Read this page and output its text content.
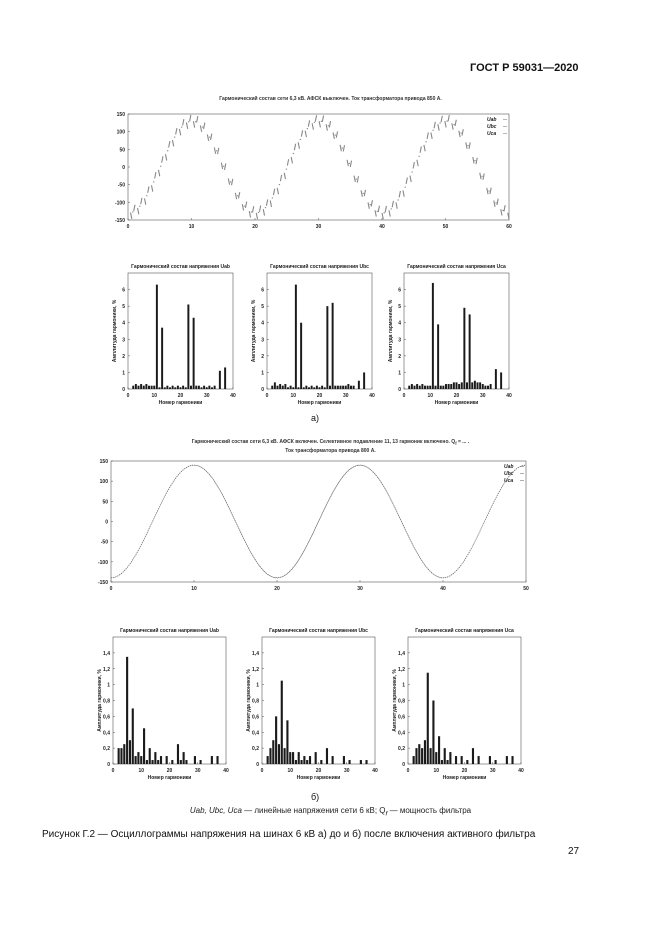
ГОСТ Р 59031—2020
Гармонический состав сети 6,3 кВ. АФСК выключен. Ток трансформатора привода 850 А.
0	10	20	30	40	50	60
150
100
50
0
-50
-100
-150
Uab
Ubc
Uca
0	10	20	30	40
0
1
2
3
4
5
6
Гармонический состав напряжения Uab
Номер гармоники
Амплитуда гармоники, %
0	10	20	30	40
0
1
2
3
4
5
6
Гармонический состав напряжения Ubc
Номер гармоники
Амплитуда гармоники, %
0	10	20	30	40
0
1
2
3
4
5
6
Гармонический состав напряжения Uca
Номер гармоники
Амплитуда гармоники, %
0	10	20	30	40	50
150
100
50
0
-50
-100
-150
Uab
Ubc
Uca
0	10	20	30	40
0
0,2
0,4
0,6
0,8
1
1,2
1,4
Гармонический состав напряжения Uab
Номер гармоники
Амплитуда гармоники, %
0	10	20	30	40
0
0,2
0,4
0,6
0,8
1
1,2
1,4
Гармонический состав напряжения Ubc
Номер гармоники
Амплитуда гармоники, %
0	10	20	30	40
0
0,2
0,4
0,6
0,8
1
1,2
1,4
Гармонический состав напряжения Uca
Номер гармоники
Амплитуда гармоники, %
а)
Гармонический состав сети 6,3 кВ. АФСК включен. Селективное подавление 11, 13 гармоник включено. $Q_f$ = ... .
Ток трансформатора привода 800 А.
б)
Uab, Ubc, Uca — линейные напряжения сети 6 кВ; $Q_f$ — мощность фильтра
Рисунок Г.2 — Осциллограммы напряжения на шинах 6 кВ а) до и б) после включения активного фильтра
27
